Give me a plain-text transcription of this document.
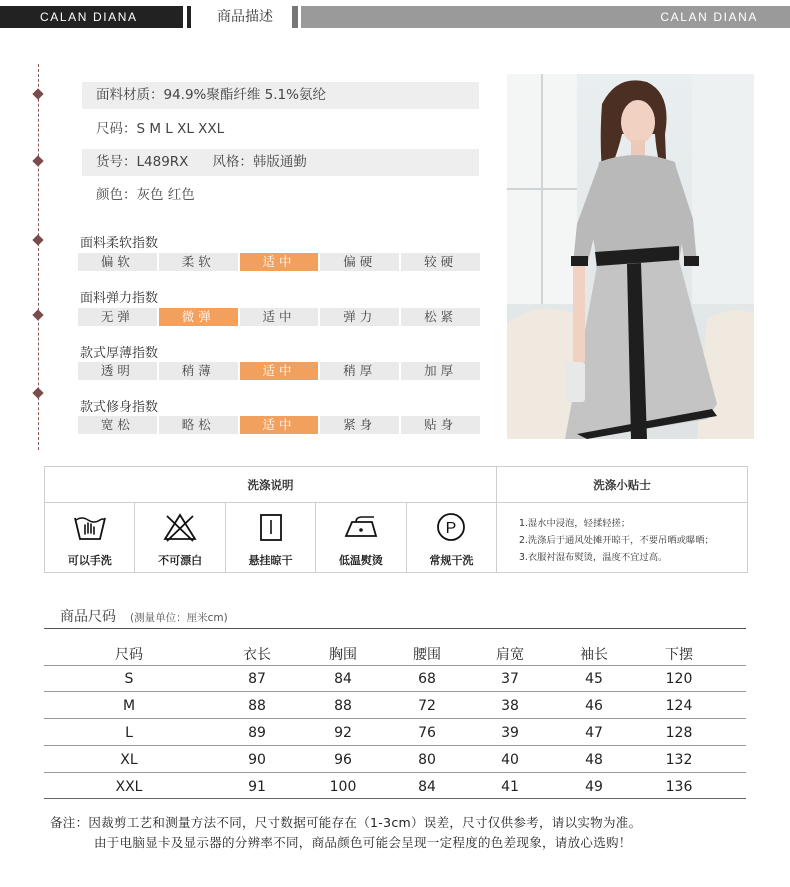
CALAN DIANA	商品描述	CALAN DIANA
面料材质：94.9%聚酯纤维 5.1%氨纶
尺码：S M L XL XXL
货号：L489RX 风格：韩版通勤
颜色：灰色 红色
面料柔软指数
偏软	柔软	适中	偏硬	较硬
面料弹力指数
无弹	微弹	适中	弹力	松紧
款式厚薄指数
透明	稍薄	适中	稍厚	加厚
款式修身指数
宽松	略松	适中	紧身	贴身
洗涤说明	洗涤小贴士
可以手洗	不可漂白	悬挂晾干	低温熨烫
P
常规干洗
1.湿水中浸泡，轻揉轻搓；
2.洗涤后于通风处摊开晾干，不要吊晒或曝晒；
3.衣服衬湿布熨烫，温度不宜过高。
商品尺码 (测量单位：厘米cm)
尺码	衣长	胸围	腰围	肩宽	袖长	下摆
S	87	84	68	37	45	120
M	88	88	72	38	46	124
L	89	92	76	39	47	128
XL	90	96	80	40	48	132
XXL	91	100	84	41	49	136
备注：因裁剪工艺和测量方法不同，尺寸数据可能存在（1-3cm）误差，尺寸仅供参考，请以实物为准。
由于电脑显卡及显示器的分辨率不同，商品颜色可能会呈现一定程度的色差现象，请放心选购！
